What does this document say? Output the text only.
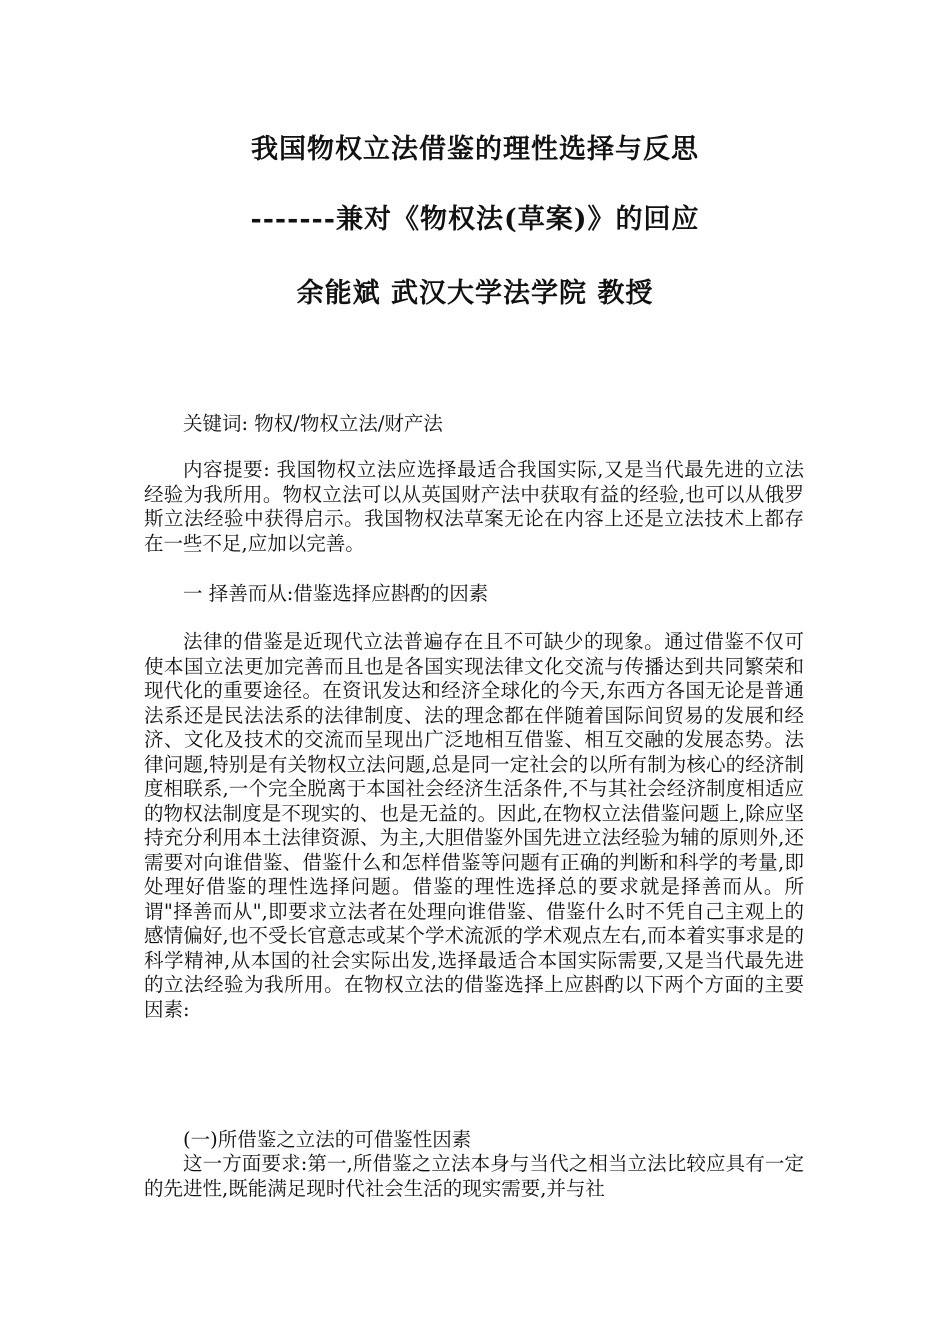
我国物权立法借鉴的理性选择与反思
-------兼对《物权法(草案)》的回应
余能斌 武汉大学法学院 教授

关键词: 物权/物权立法/财产法

内容提要: 我国物权立法应选择最适合我国实际,又是当代最先进的立法经验为我所用。物权立法可以从英国财产法中获取有益的经验,也可以从俄罗斯立法经验中获得启示。我国物权法草案无论在内容上还是立法技术上都存在一些不足,应加以完善。

一 择善而从:借鉴选择应斟酌的因素

法律的借鉴是近现代立法普遍存在且不可缺少的现象。通过借鉴不仅可使本国立法更加完善而且也是各国实现法律文化交流与传播达到共同繁荣和现代化的重要途径。在资讯发达和经济全球化的今天,东西方各国无论是普通法系还是民法法系的法律制度、法的理念都在伴随着国际间贸易的发展和经济、文化及技术的交流而呈现出广泛地相互借鉴、相互交融的发展态势。法律问题,特别是有关物权立法问题,总是同一定社会的以所有制为核心的经济制度相联系,一个完全脱离于本国社会经济生活条件,不与其社会经济制度相适应的物权法制度是不现实的、也是无益的。因此,在物权立法借鉴问题上,除应坚持充分利用本土法律资源、为主,大胆借鉴外国先进立法经验为辅的原则外,还需要对向谁借鉴、借鉴什么和怎样借鉴等问题有正确的判断和科学的考量,即处理好借鉴的理性选择问题。借鉴的理性选择总的要求就是择善而从。所谓"择善而从",即要求立法者在处理向谁借鉴、借鉴什么时不凭自己主观上的感情偏好,也不受长官意志或某个学术流派的学术观点左右,而本着实事求是的科学精神,从本国的社会实际出发,选择最适合本国实际需要,又是当代最先进的立法经验为我所用。在物权立法的借鉴选择上应斟酌以下两个方面的主要因素:

(一)所借鉴之立法的可借鉴性因素

这一方面要求:第一,所借鉴之立法本身与当代之相当立法比较应具有一定的先进性,既能满足现时代社会生活的现实需要,并与社
